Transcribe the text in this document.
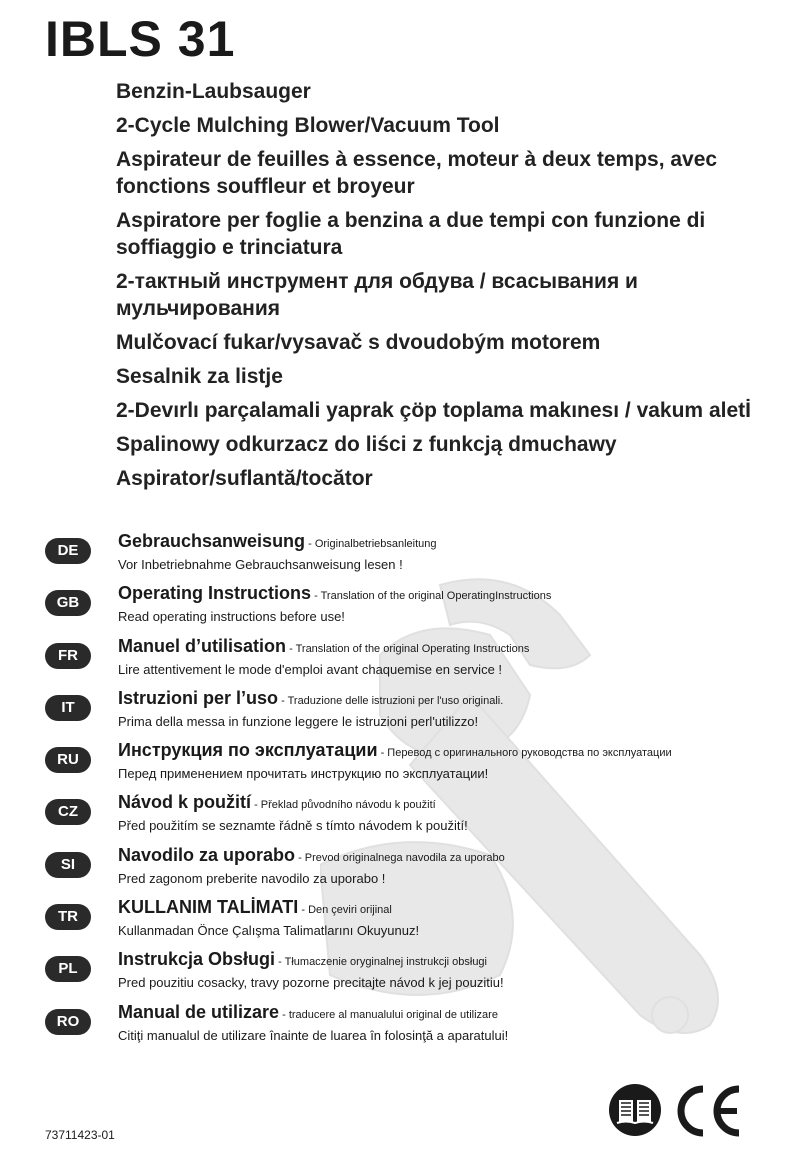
IBLS 31
Benzin-Laubsauger
2-Cycle Mulching Blower/Vacuum Tool
Aspirateur de feuilles à essence, moteur à deux temps, avec fonctions souffleur et broyeur
Aspiratore per foglie a benzina a due tempi con funzione di soffiaggio e trinciatura
2-тактный инструмент для обдува / всасывания и мульчирования
Mulčovací fukar/vysavač s dvoudobým motorem
Sesalnik za listje
2-Devırlı parçalamali yaprak çöp toplama makınesı / vakum aletİ
Spalinowy odkurzacz do liści z funkcją dmuchawy
Aspirator/suflantă/tocător
DE	Gebrauchsanweisung - Originalbetriebsanleitung
Vor Inbetriebnahme Gebrauchsanweisung lesen !
GB	Operating Instructions - Translation of the original OperatingInstructions
Read operating instructions before use!
FR	Manuel d’utilisation - Translation of the original Operating Instructions
Lire attentivement le mode d'emploi avant chaquemise en service !
IT	Istruzioni per l’uso - Traduzione delle istruzioni per l'uso originali.
Prima della messa in funzione leggere le istruzioni perl'utilizzo!
RU	Инструкция по эксплуатации - Перевод с оригинального руководства по эксплуатации
Перед применением прочитать инструкцию по эксплуатации!
CZ	Návod k použití - Překlad původního návodu k použití
Před použitím se seznamte řádně s tímto návodem k použití!
SI	Navodilo za uporabo - Prevod originalnega navodila za uporabo
Pred zagonom preberite navodilo za uporabo !
TR	KULLANIM TALİMATI - Den çeviri orijinal
Kullanmadan Önce Çalışma Talimatlarını Okuyunuz!
PL	Instrukcja Obsługi - Tłumaczenie oryginalnej instrukcji obsługi
Pred pouzitiu cosacky, travy pozorne precitajte návod k jej pouzitiu!
RO	Manual de utilizare - traducere al manualului original de utilizare
Citiţi manualul de utilizare înainte de luarea în folosinţă a aparatului!
73711423-01
